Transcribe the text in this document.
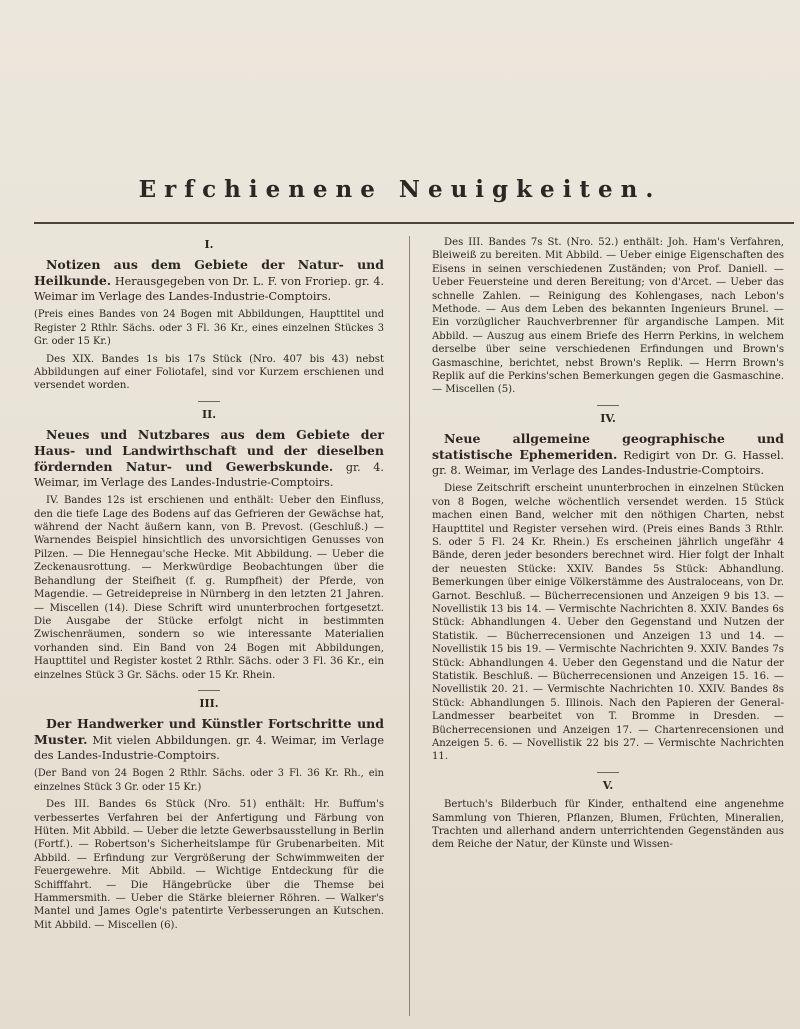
Erfchienene Neuigkeiten.
I.
Notizen aus dem Gebiete der Natur- und Heilkunde. Herausgegeben von Dr. L. F. von Froriep. gr. 4. Weimar im Verlage des Landes-Industrie-Comptoirs.
(Preis eines Bandes von 24 Bogen mit Abbildungen, Haupttitel und Register 2 Rthlr. Sächs. oder 3 Fl. 36 Kr., eines einzelnen Stückes 3 Gr. oder 15 Kr.)

Des XIX. Bandes 1s bis 17s Stück (Nro. 407 bis 43) nebst Abbildungen auf einer Foliotafel, sind vor Kurzem erschienen und versendet worden.

II.
Neues und Nutzbares aus dem Gebiete der Haus- und Landwirthschaft und der dieselben fördernden Natur- und Gewerbskunde. gr. 4. Weimar, im Verlage des Landes-Industrie-Comptoirs.

IV. Bandes 12s ist erschienen und enthält: Ueber den Einfluss, den die tiefe Lage des Bodens auf das Gefrieren der Gewächse hat, während der Nacht äußern kann, von B. Prevost. (Geschluß.) — Warnendes Beispiel hinsichtlich des unvorsichtigen Genusses von Pilzen. — Die Hennegau'sche Hecke. Mit Abbildung. — Ueber die Zeckenausrottung. — Merkwürdige Beobachtungen über die Behandlung der Steifheit (f. g. Rumpfheit) der Pferde, von Magendie. — Getreidepreise in Nürnberg in den letzten 21 Jahren. — Miscellen (14). Diese Schrift wird ununterbrochen fortgesetzt. Die Ausgabe der Stücke erfolgt nicht in bestimmten Zwischenräumen, sondern so wie interessante Materialien vorhanden sind. Ein Band von 24 Bogen mit Abbildungen, Haupttitel und Register kostet 2 Rthlr. Sächs. oder 3 Fl. 36 Kr., ein einzelnes Stück 3 Gr. Sächs. oder 15 Kr. Rhein.

III.
Der Handwerker und Künstler Fortschritte und Muster. Mit vielen Abbildungen. gr. 4. Weimar, im Verlage des Landes-Industrie-Comptoirs.
(Der Band von 24 Bogen 2 Rthlr. Sächs. oder 3 Fl. 36 Kr. Rh., ein einzelnes Stück 3 Gr. oder 15 Kr.)

Des III. Bandes 6s Stück (Nro. 51) enthält: Hr. Buffum's verbessertes Verfahren bei der Anfertigung und Färbung von Hüten. Mit Abbild. — Ueber die letzte Gewerbsausstellung in Berlin (Fortf.). — Robertson's Sicherheitslampe für Grubenarbeiten. Mit Abbild. — Erfindung zur Vergrößerung der Schwimmweiten der Feuergewehre. Mit Abbild. — Wichtige Entdeckung für die Schifffahrt. — Die Hängebrücke über die Themse bei Hammersmith. — Ueber die Stärke bleierner Röhren. — Walker's Mantel und James Ogle's patentirte Verbesserungen an Kutschen. Mit Abbild. — Miscellen (6).

Des III. Bandes 7s St. (Nro. 52.) enthält: Joh. Ham's Verfahren, Bleiweiß zu bereiten. Mit Abbild. — Ueber einige Eigenschaften des Eisens in seinen verschiedenen Zuständen; von Prof. Daniell. — Ueber Feuersteine und deren Bereitung; von d'Arcet. — Ueber das schnelle Zahlen. — Reinigung des Kohlengases, nach Lebon's Methode. — Aus dem Leben des bekannten Ingenieurs Brunel. — Ein vorzüglicher Rauchverbrenner für argandische Lampen. Mit Abbild. — Auszug aus einem Briefe des Herrn Perkins, in welchem derselbe über seine verschiedenen Erfindungen und Brown's Gasmaschine, berichtet, nebst Brown's Replik. — Herrn Brown's Replik auf die Perkins'schen Bemerkungen gegen die Gasmaschine. — Miscellen (5).

IV.
Neue allgemeine geographische und statistische Ephemeriden. Redigirt von Dr. G. Hassel. gr. 8. Weimar, im Verlage des Landes-Industrie-Comptoirs.

Diese Zeitschrift erscheint ununterbrochen in einzelnen Stücken von 8 Bogen, welche wöchentlich versendet werden. 15 Stück machen einen Band, welcher mit den nöthigen Charten, nebst Haupttitel und Register versehen wird. (Preis eines Bands 3 Rthlr. S. oder 5 Fl. 24 Kr. Rhein.) Es erscheinen jährlich ungefähr 4 Bände, deren jeder besonders berechnet wird. Hier folgt der Inhalt der neuesten Stücke: XXIV. Bandes 5s Stück: Abhandlung. Bemerkungen über einige Völkerstämme des Australoceans, von Dr. Garnot. Beschluß. — Bücherrecensionen und Anzeigen 9 bis 13. — Novellistik 13 bis 14. — Vermischte Nachrichten 8. XXIV. Bandes 6s Stück: Abhandlungen 4. Ueber den Gegenstand und Nutzen der Statistik. — Bücherrecensionen und Anzeigen 13 und 14. — Novellistik 15 bis 19. — Vermischte Nachrichten 9. XXIV. Bandes 7s Stück: Abhandlungen 4. Ueber den Gegenstand und die Natur der Statistik. Beschluß. — Bücherrecensionen und Anzeigen 15. 16. — Novellistik 20. 21. — Vermischte Nachrichten 10. XXIV. Bandes 8s Stück: Abhandlungen 5. Illinois. Nach den Papieren der General-Landmesser bearbeitet von T. Bromme in Dresden. — Bücherrecensionen und Anzeigen 17. — Chartenrecensionen und Anzeigen 5. 6. — Novellistik 22 bis 27. — Vermischte Nachrichten 11.

V.

Bertuch's Bilderbuch für Kinder, enthaltend eine angenehme Sammlung von Thieren, Pflanzen, Blumen, Früchten, Mineralien, Trachten und allerhand andern unterrichtenden Gegenständen aus dem Reiche der Natur, der Künste und Wissen-
